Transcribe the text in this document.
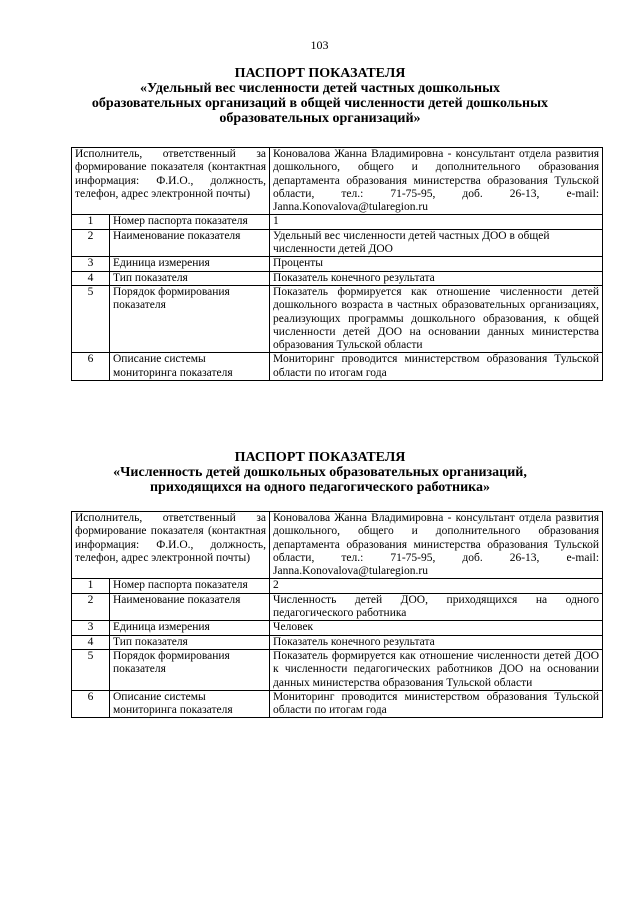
103
ПАСПОРТ ПОКАЗАТЕЛЯ
«Удельный вес численности детей частных дошкольных
образовательных организаций в общей численности детей дошкольных
образовательных организаций»
Исполнитель, ответственный за формирование показателя (контактная информация: Ф.И.О., должность, телефон, адрес электронной почты)		Коновалова Жанна Владимировна - консультант отдела развития дошкольного, общего и дополнительного образования департамента образования министерства образования Тульской области, тел.: 71-75-95, доб. 26-13, e-mail: Janna.Konovalova@tularegion.ru
1	Номер паспорта показателя	1
2	Наименование показателя	Удельный вес численности детей частных ДОО в общей численности детей ДОО
3	Единица измерения	Проценты
4	Тип показателя	Показатель конечного результата
5	Порядок формирования показателя	Показатель формируется как отношение численности детей дошкольного возраста в частных образовательных организациях, реализующих программы дошкольного образования, к общей численности детей ДОО на основании данных министерства образования Тульской области
6	Описание системы мониторинга показателя	Мониторинг проводится министерством образования Тульской области по итогам года
ПАСПОРТ ПОКАЗАТЕЛЯ
«Численность детей дошкольных образовательных организаций,
приходящихся на одного педагогического работника»
Исполнитель, ответственный за формирование показателя (контактная информация: Ф.И.О., должность, телефон, адрес электронной почты)		Коновалова Жанна Владимировна - консультант отдела развития дошкольного, общего и дополнительного образования департамента образования министерства образования Тульской области, тел.: 71-75-95, доб. 26-13, e-mail: Janna.Konovalova@tularegion.ru
1	Номер паспорта показателя	2
2	Наименование показателя	Численность детей ДОО, приходящихся на одного педагогического работника
3	Единица измерения	Человек
4	Тип показателя	Показатель конечного результата
5	Порядок формирования показателя	Показатель формируется как отношение численности детей ДОО к численности педагогических работников ДОО на основании данных министерства образования Тульской области
6	Описание системы мониторинга показателя	Мониторинг проводится министерством образования Тульской области по итогам года
